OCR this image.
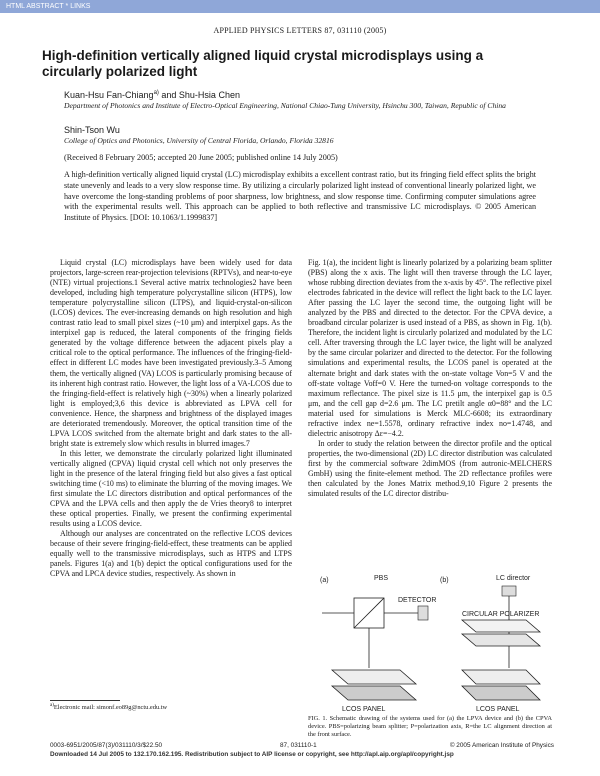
HTML ABSTRACT * LINKS
APPLIED PHYSICS LETTERS 87, 031110 (2005)
High-definition vertically aligned liquid crystal microdisplays using a circularly polarized light
Kuan-Hsu Fan-Chiang$^{a)}$ and Shu-Hsia Chen
Department of Photonics and Institute of Electro-Optical Engineering, National Chiao-Tung University, Hsinchu 300, Taiwan, Republic of China
Shin-Tson Wu
College of Optics and Photonics, University of Central Florida, Orlando, Florida 32816
(Received 8 February 2005; accepted 20 June 2005; published online 14 July 2005)
A high-definition vertically aligned liquid crystal (LC) microdisplay exhibits a excellent contrast ratio, but its fringing field effect splits the bright state unevenly and leads to a very slow response time. By utilizing a circularly polarized light instead of conventional linearly polarized light, we have overcome the long-standing problems of poor sharpness, low brightness, and slow response time. Confirming computer simulations agree with the experimental results well. This approach can be applied to both reflective and transmissive LC microdisplays. © 2005 American Institute of Physics. [DOI: 10.1063/1.1999837]

Liquid crystal (LC) microdisplays have been widely used for data projectors, large-screen rear-projection televisions (RPTVs), and near-to-eye (NTE) virtual projections.1 Several active matrix technologies2 have been developed, including high temperature polycrystalline silicon (HTPS), low temperature polycrystalline silicon (LTPS), and liquid-crystal-on-silicon (LCOS) devices. The ever-increasing demands on high resolution and high contrast ratio lead to small pixel sizes (~10 μm) and interpixel gaps. As the interpixel gap is reduced, the lateral components of the fringing fields generated by the voltage difference between the adjacent pixels play a critical role to the optical performance. The influences of the fringing-field-effect in different LC modes have been investigated previously.3–5 Among them, the vertically aligned (VA) LCOS is particularly promising because of its inherent high contrast ratio. However, the light loss of a VA-LCOS due to the fringing-field-effect is relatively high (~30%) when a linearly polarized light is employed;3,6 this device is abbreviated as LPVA cell for convenience. Hence, the sharpness and brightness of the displayed images are deteriorated tremendously. Moreover, the optical transition time of the LPVA LCOS switched from the alternate bright and dark states to the all-bright state is extremely slow which results in blurred images.7

In this letter, we demonstrate the circularly polarized light illuminated vertically aligned (CPVA) liquid crystal cell which not only preserves the light in the presence of the lateral fringing field but also gives a fast optical switching time (<10 ms) to eliminate the blurring of the moving images. We first simulate the LC directors distribution and optical performances of the CPVA and the LPVA cells and then apply the de Vries theory8 to interpret these optical properties. Finally, we present the confirming experimental results using a LCOS device.

Although our analyses are concentrated on the reflective LCOS devices because of their severe fringing-field-effect, these treatments can be applied equally well to the transmissive microdisplays, such as HTPS and LTPS panels. Figures 1(a) and 1(b) depict the optical configurations used for the CPVA and LPCA device studies, respectively. As shown in

Fig. 1(a), the incident light is linearly polarized by a polarizing beam splitter (PBS) along the x axis. The light will then traverse through the LC layer, whose rubbing direction deviates from the x-axis by 45°. The reflective pixel electrodes fabricated in the device will reflect the light back to the LC layer. After passing the LC layer the second time, the outgoing light will be analyzed by the PBS and directed to the detector. For the CPVA device, a broadband circular polarizer is used instead of a PBS, as shown in Fig. 1(b). Therefore, the incident light is circularly polarized and modulated by the LC cell. After traversing through the LC layer twice, the light will be analyzed by the same circular polarizer and directed to the detector. For the following simulations and experimental results, the LCOS panel is operated at the alternate bright and dark states with the on-state voltage Von=5 V and the off-state voltage Voff=0 V. Here the turned-on voltage corresponds to the maximum reflectance. The pixel size is 11.5 μm, the interpixel gap is 0.5 μm, and the cell gap d=2.6 μm. The LC pretilt angle α0=88° and the LC material used for simulations is Merck MLC-6608; its extraordinary refractive index ne=1.5578, ordinary refractive index no=1.4748, and dielectric anisotropy Δε=−4.2.

In order to study the relation between the director profile and the optical properties, the two-dimensional (2D) LC director distribution was calculated first by the commercial software 2dimMOS (from autronic-MELCHERS GmbH) using the finite-element method. The 2D reflectance profiles were then calculated by the Jones Matrix method.9,10 Figure 2 presents the simulated results of the LC director distribu-

(a)	PBS
DETECTOR
LCOS PANEL
(b)	LC director
CIRCULAR POLARIZER
LCOS PANEL
FIG. 1. Schematic drawing of the systems used for (a) the LPVA device and (b) the CPVA device. PBS=polarizing beam splitter; P=polarization axis, R=the LC alignment direction at the front surface.
$^{a)}$Electronic mail: simonf.eo89g@nctu.edu.tw
0003-6951/2005/87(3)/031110/3/$22.50	87, 031110-1	© 2005 American Institute of Physics
Downloaded 14 Jul 2005 to 132.170.162.195. Redistribution subject to AIP license or copyright, see http://apl.aip.org/apl/copyright.jsp
